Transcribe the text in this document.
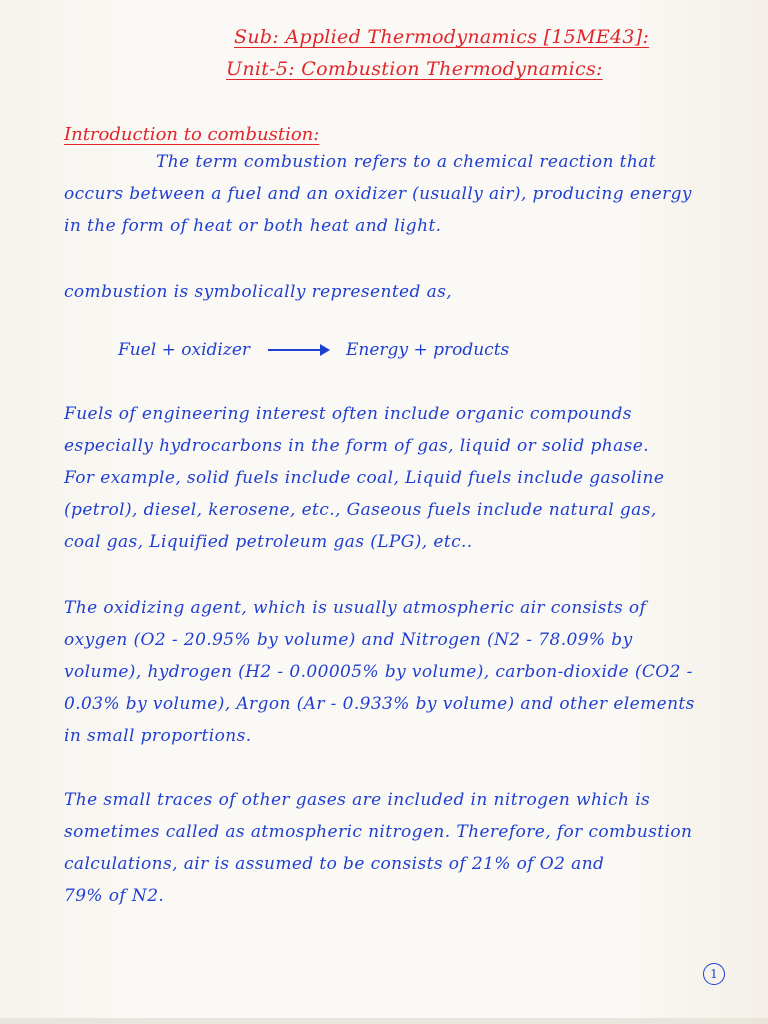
Sub: Applied Thermodynamics [15ME43]:
Unit-5: Combustion Thermodynamics:
Introduction to combustion:
The term combustion refers to a chemical reaction that
occurs between a fuel and an oxidizer (usually air), producing energy
in the form of heat or both heat and light.
combustion is symbolically represented as,
Fuel + oxidizer	Energy + products
Fuels of engineering interest often include organic compounds
especially hydrocarbons in the form of gas, liquid or solid phase.
For example, solid fuels include coal, Liquid fuels include gasoline
(petrol), diesel, kerosene, etc., Gaseous fuels include natural gas,
coal gas, Liquified petroleum gas (LPG), etc..
The oxidizing agent, which is usually atmospheric air consists of
oxygen (O2 - 20.95% by volume) and Nitrogen (N2 - 78.09% by
volume), hydrogen (H2 - 0.00005% by volume), carbon-dioxide (CO2 -
0.03% by volume), Argon (Ar - 0.933% by volume) and other elements
in small proportions.
The small traces of other gases are included in nitrogen which is
sometimes called as atmospheric nitrogen. Therefore, for combustion
calculations, air is assumed to be consists of 21% of O2 and
79% of N2.
1
